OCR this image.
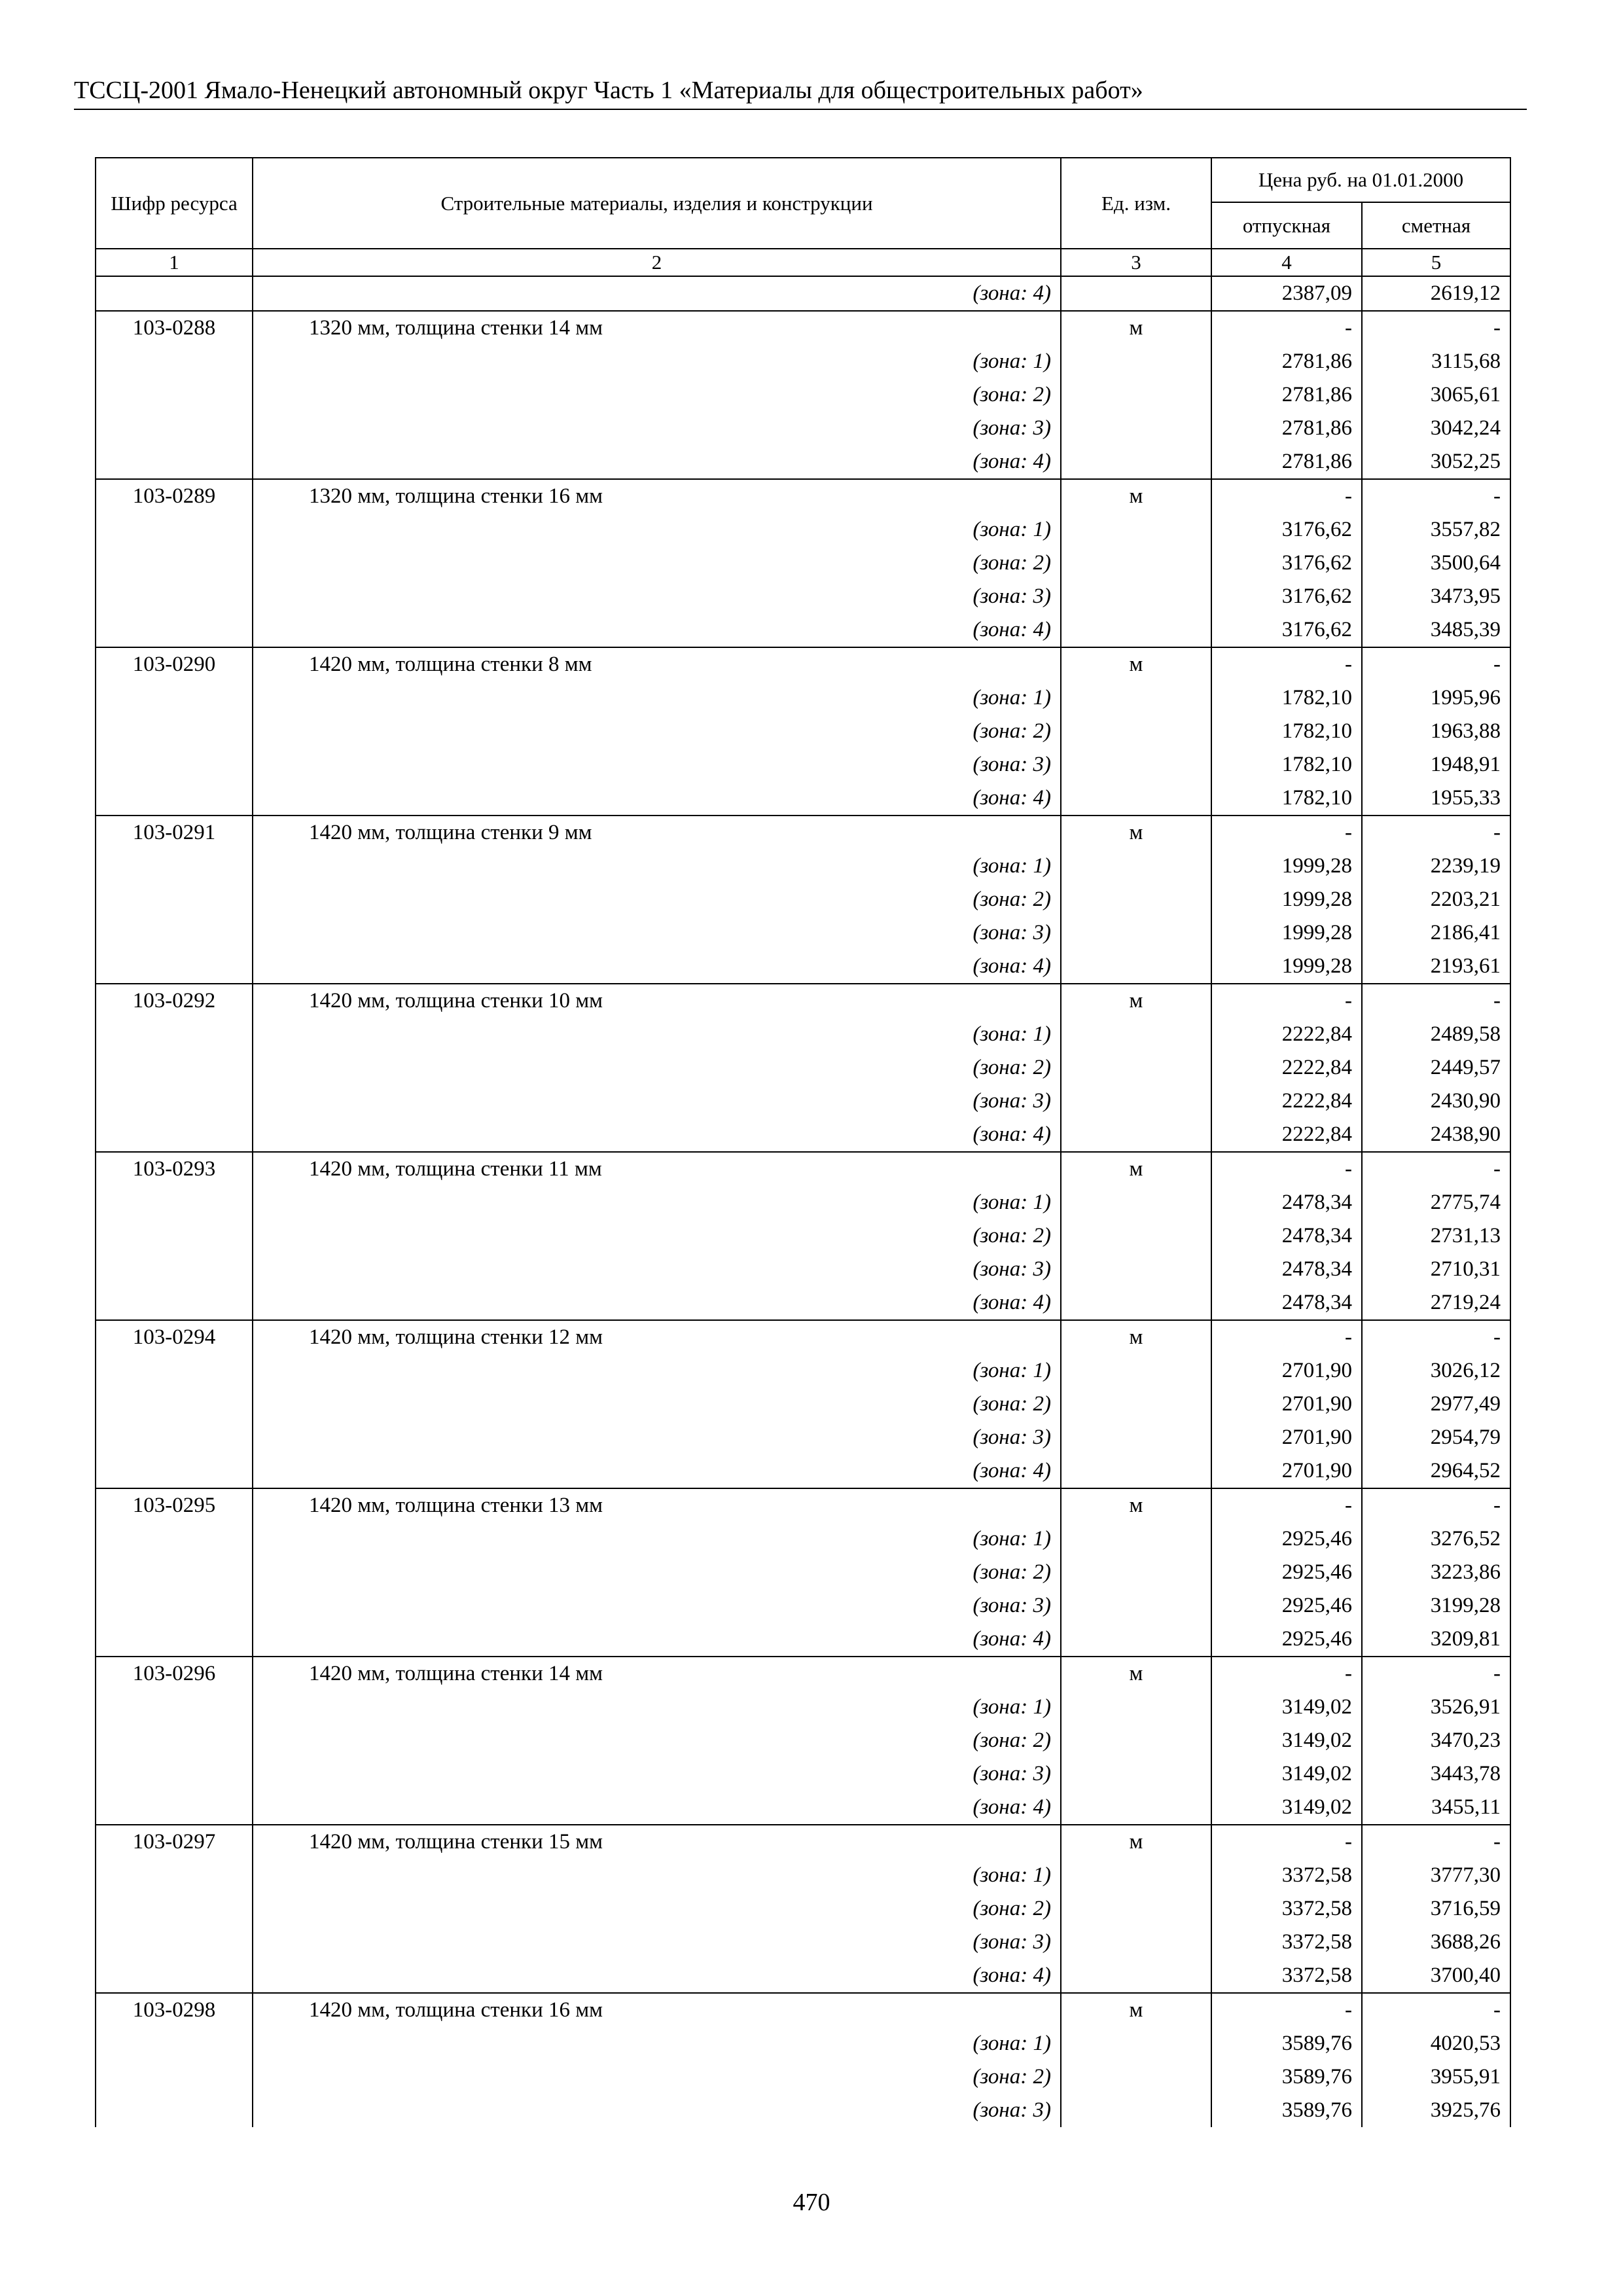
ТССЦ-2001 Ямало-Ненецкий автономный округ Часть 1 «Материалы для общестроительных работ»
Шифр ресурса	Строительные материалы, изделия и конструкции	Ед. изм.	Цена руб. на 01.01.2000	
			отпускная	сметная
1	2	3	4	5
	(зона: 4)		2387,09	2619,12
103-0288	1320 мм, толщина стенки 14 мм	м	-	-
	(зона: 1)		2781,86	3115,68
	(зона: 2)		2781,86	3065,61
	(зона: 3)		2781,86	3042,24
	(зона: 4)		2781,86	3052,25
103-0289	1320 мм, толщина стенки 16 мм	м	-	-
	(зона: 1)		3176,62	3557,82
	(зона: 2)		3176,62	3500,64
	(зона: 3)		3176,62	3473,95
	(зона: 4)		3176,62	3485,39
103-0290	1420 мм, толщина стенки 8 мм	м	-	-
	(зона: 1)		1782,10	1995,96
	(зона: 2)		1782,10	1963,88
	(зона: 3)		1782,10	1948,91
	(зона: 4)		1782,10	1955,33
103-0291	1420 мм, толщина стенки 9 мм	м	-	-
	(зона: 1)		1999,28	2239,19
	(зона: 2)		1999,28	2203,21
	(зона: 3)		1999,28	2186,41
	(зона: 4)		1999,28	2193,61
103-0292	1420 мм, толщина стенки 10 мм	м	-	-
	(зона: 1)		2222,84	2489,58
	(зона: 2)		2222,84	2449,57
	(зона: 3)		2222,84	2430,90
	(зона: 4)		2222,84	2438,90
103-0293	1420 мм, толщина стенки 11 мм	м	-	-
	(зона: 1)		2478,34	2775,74
	(зона: 2)		2478,34	2731,13
	(зона: 3)		2478,34	2710,31
	(зона: 4)		2478,34	2719,24
103-0294	1420 мм, толщина стенки 12 мм	м	-	-
	(зона: 1)		2701,90	3026,12
	(зона: 2)		2701,90	2977,49
	(зона: 3)		2701,90	2954,79
	(зона: 4)		2701,90	2964,52
103-0295	1420 мм, толщина стенки 13 мм	м	-	-
	(зона: 1)		2925,46	3276,52
	(зона: 2)		2925,46	3223,86
	(зона: 3)		2925,46	3199,28
	(зона: 4)		2925,46	3209,81
103-0296	1420 мм, толщина стенки 14 мм	м	-	-
	(зона: 1)		3149,02	3526,91
	(зона: 2)		3149,02	3470,23
	(зона: 3)		3149,02	3443,78
	(зона: 4)		3149,02	3455,11
103-0297	1420 мм, толщина стенки 15 мм	м	-	-
	(зона: 1)		3372,58	3777,30
	(зона: 2)		3372,58	3716,59
	(зона: 3)		3372,58	3688,26
	(зона: 4)		3372,58	3700,40
103-0298	1420 мм, толщина стенки 16 мм	м	-	-
	(зона: 1)		3589,76	4020,53
	(зона: 2)		3589,76	3955,91
	(зона: 3)		3589,76	3925,76
470
